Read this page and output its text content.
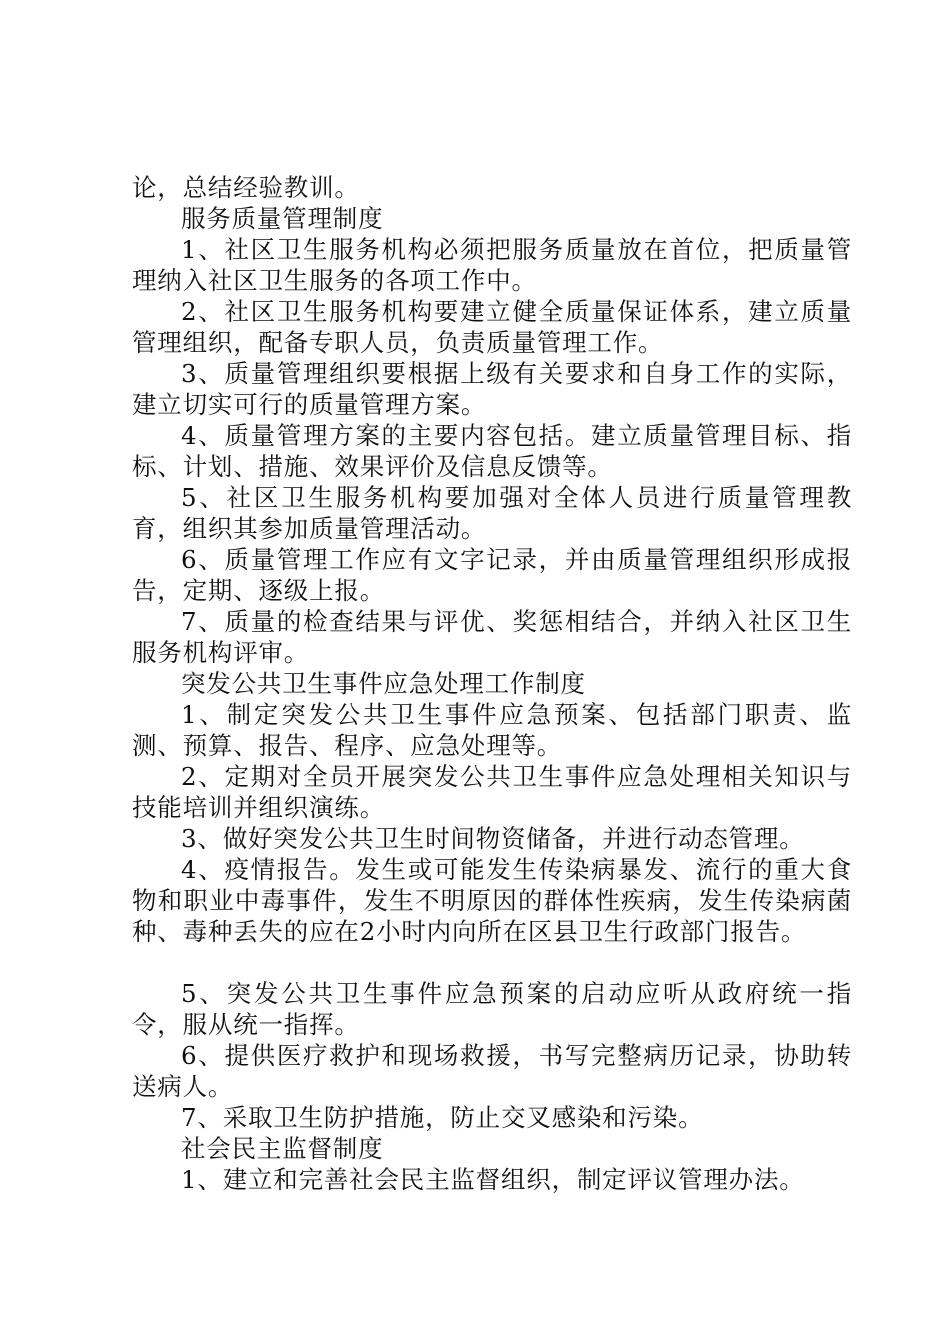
论，总结经验教训。

服务质量管理制度

1、社区卫生服务机构必须把服务质量放在首位，把质量管理纳入社区卫生服务的各项工作中。

2、社区卫生服务机构要建立健全质量保证体系，建立质量管理组织，配备专职人员，负责质量管理工作。

3、质量管理组织要根据上级有关要求和自身工作的实际，建立切实可行的质量管理方案。

4、质量管理方案的主要内容包括。建立质量管理目标、指标、计划、措施、效果评价及信息反馈等。

5、社区卫生服务机构要加强对全体人员进行质量管理教育，组织其参加质量管理活动。

6、质量管理工作应有文字记录，并由质量管理组织形成报告，定期、逐级上报。

7、质量的检查结果与评优、奖惩相结合，并纳入社区卫生服务机构评审。

突发公共卫生事件应急处理工作制度

1、制定突发公共卫生事件应急预案、包括部门职责、监测、预算、报告、程序、应急处理等。

2、定期对全员开展突发公共卫生事件应急处理相关知识与技能培训并组织演练。

3、做好突发公共卫生时间物资储备，并进行动态管理。

4、疫情报告。发生或可能发生传染病暴发、流行的重大食物和职业中毒事件，发生不明原因的群体性疾病，发生传染病菌种、毒种丢失的应在2小时内向所在区县卫生行政部门报告。

5、突发公共卫生事件应急预案的启动应听从政府统一指令，服从统一指挥。

6、提供医疗救护和现场救援，书写完整病历记录，协助转送病人。

7、采取卫生防护措施，防止交叉感染和污染。

社会民主监督制度

1、建立和完善社会民主监督组织，制定评议管理办法。
